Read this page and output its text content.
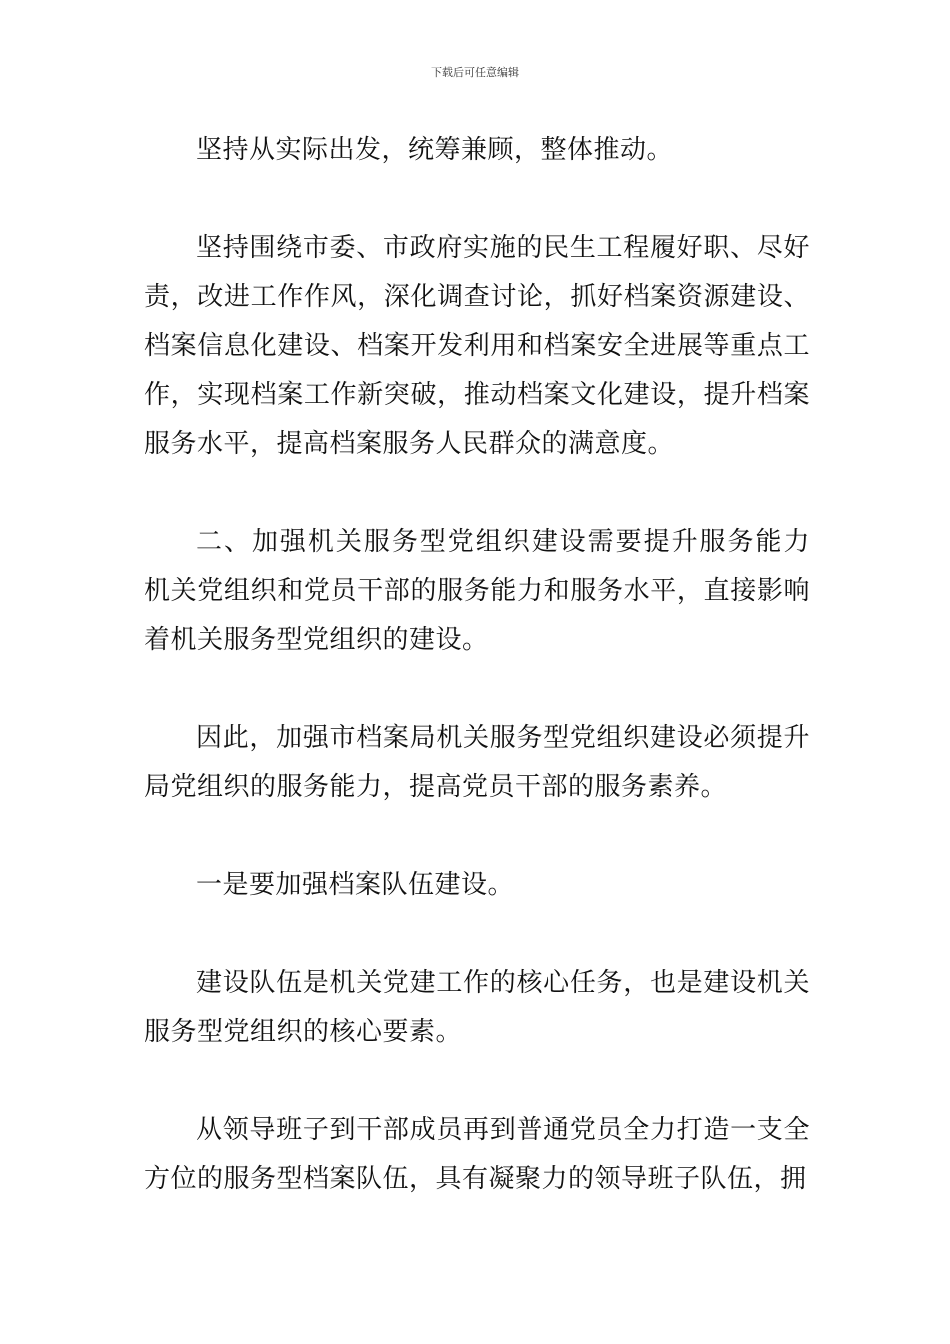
下载后可任意编辑

坚持从实际出发，统筹兼顾，整体推动。

坚持围绕市委、市政府实施的民生工程履好职、尽好责，改进工作作风，深化调查讨论，抓好档案资源建设、档案信息化建设、档案开发利用和档案安全进展等重点工作，实现档案工作新突破，推动档案文化建设，提升档案服务水平，提高档案服务人民群众的满意度。

二、加强机关服务型党组织建设需要提升服务能力 机关党组织和党员干部的服务能力和服务水平，直接影响着机关服务型党组织的建设。

因此，加强市档案局机关服务型党组织建设必须提升局党组织的服务能力，提高党员干部的服务素养。

一是要加强档案队伍建设。

建设队伍是机关党建工作的核心任务，也是建设机关服务型党组织的核心要素。

从领导班子到干部成员再到普通党员全力打造一支全方位的服务型档案队伍，具有凝聚力的领导班子队伍，拥
